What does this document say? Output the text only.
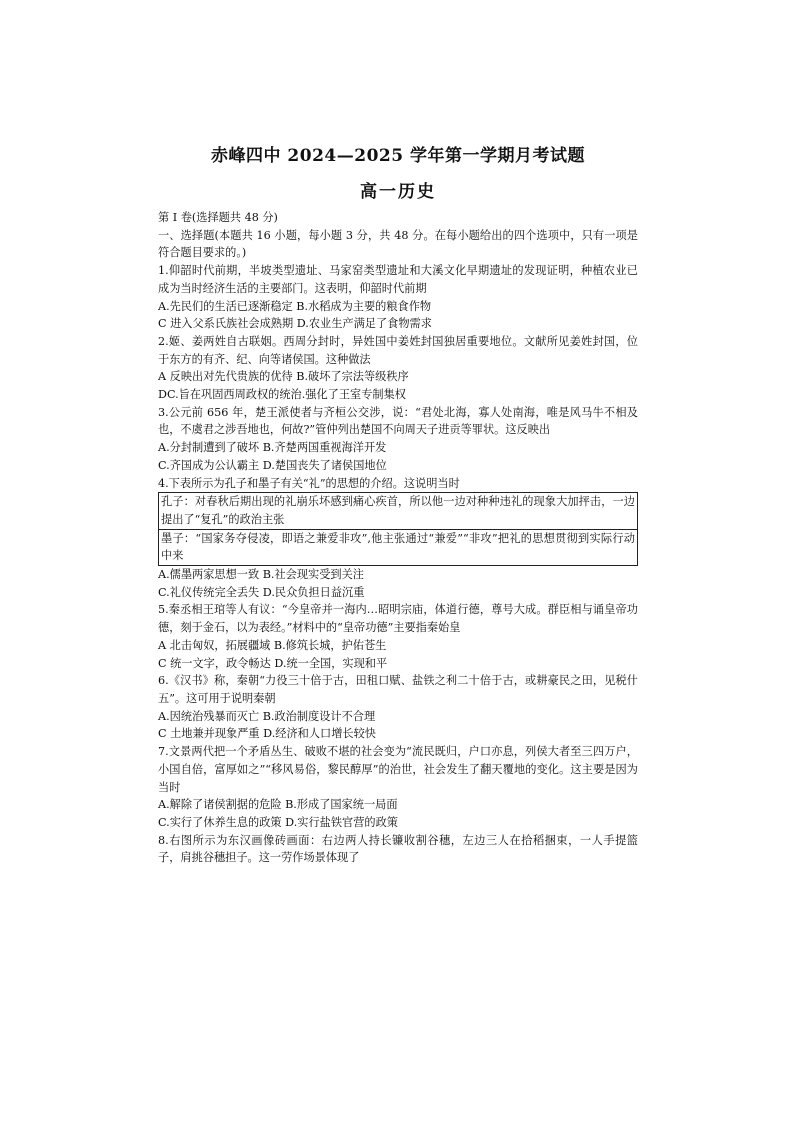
赤峰四中 2024—2025 学年第一学期月考试题
高一历史

第 I 卷(选择题共 48 分)

一、选择题(本题共 16 小题，每小题 3 分，共 48 分。在每小题给出的四个选项中，只有一项是符合题目要求的。)

1.仰韶时代前期，半坡类型遗址、马家窑类型遗址和大溪文化早期遗址的发现证明，种植农业已成为当时经济生活的主要部门。这表明，仰韶时代前期

A.先民们的生活已逐渐稳定 B.水稻成为主要的粮食作物

C 进入父系氏族社会成熟期 D.农业生产满足了食物需求

2.姬、姜两姓自古联姻。西周分封时，异姓国中姜姓封国独居重要地位。文献所见姜姓封国，位于东方的有齐、纪、向等诸侯国。这种做法

A 反映出对先代贵族的优待 B.破坏了宗法等级秩序

DC.旨在巩固西周政权的统治.强化了王室专制集权

3.公元前 656 年，楚王派使者与齐桓公交涉，说：“君处北海，寡人处南海，唯是风马牛不相及也，不虞君之涉吾地也，何故?”管仲列出楚国不向周天子进贡等罪状。这反映出

A.分封制遭到了破坏 B.齐楚两国重视海洋开发

C.齐国成为公认霸主 D.楚国丧失了诸侯国地位

4.下表所示为孔子和墨子有关“礼”的思想的介绍。这说明当时

孔子：对春秋后期出现的礼崩乐坏感到痛心疾首，所以他一边对种种违礼的现象大加抨击，一边提出了“复孔”的政治主张
墨子：“国家务夺侵凌，即语之兼爱非攻”,他主张通过“兼爱”“非攻”把礼的思想贯彻到实际行动中来

A.儒墨两家思想一致 B.社会现实受到关注

C.礼仪传统完全丢失 D.民众负担日益沉重

5.秦丞相王琯等人有议：“今皇帝并一海内…昭明宗庙，体道行德，尊号大成。群臣相与诵皇帝功德，刻于金石，以为表经。”材料中的“皇帝功德”主要指秦始皇

A 北击匈奴，拓展疆域 B.修筑长城，护佑苍生

C 统一文字，政令畅达 D.统一全国，实现和平

6.《汉书》称，秦朝“力役三十倍于古，田租口赋、盐铁之利二十倍于古，或耕豪民之田，见税什五”。这可用于说明秦朝

A.因统治残暴而灭亡 B.政治制度设计不合理

C 土地兼并现象严重 D.经济和人口增长较快

7.文景两代把一个矛盾丛生、破败不堪的社会变为“流民既归，户口亦息，列侯大者至三四万户，小国自倍，富厚如之”“移风易俗，黎民醇厚”的治世，社会发生了翻天覆地的变化。这主要是因为当时

A.解除了诸侯割据的危险 B.形成了国家统一局面

C.实行了休养生息的政策 D.实行盐铁官营的政策

8.右图所示为东汉画像砖画面：右边两人持长镰收割谷穗，左边三人在拾稻捆束，一人手提篮子，肩挑谷穗担子。这一劳作场景体现了
